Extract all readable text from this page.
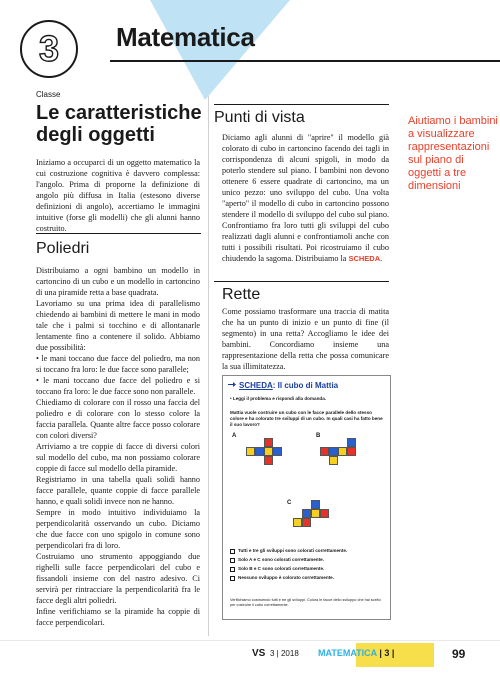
3
Classe
Matematica
Le caratteristiche
degli oggetti
Iniziamo a occuparci di un oggetto matematico la cui costruzione cognitiva è davvero complessa: l'angolo. Prima di proporne la definizione di angolo più diffusa in Italia (estesono diverse definizioni di angolo), accertiamo le immagini intuitive (forse gli modelli) che gli alunni hanno costruito.
Poliedri

Distribuiamo a ogni bambino un modello in cartoncino di un cubo e un modello in cartoncino di una piramide retta a base quadrata.

Lavoriamo su una prima idea di parallelismo chiedendo ai bambini di mettere le mani in modo tale che i palmi si tocchino e di allontanarle lentamente fino a contenere il solido. Abbiamo due possibilità:

• le mani toccano due facce del poliedro, ma non si toccano fra loro: le due facce sono parallele;

• le mani toccano due facce del poliedro e si toccano fra loro: le due facce sono non parallele.

Chiediamo di colorare con il rosso una faccia del poliedro e di colorare con lo stesso colore la faccia parallela. Quante altre facce posso colorare con colori diversi?

Arriviamo a tre coppie di facce di diversi colori sul modello del cubo, ma non possiamo colorare coppie di facce sul modello della piramide.

Registriamo in una tabella quali solidi hanno facce parallele, quante coppie di facce parallele hanno, e quali solidi invece non ne hanno.

Sempre in modo intuitivo individuiamo la perpendicolarità osservando un cubo. Diciamo che due facce con uno spigolo in comune sono perpendicolari fra di loro.

Costruiamo uno strumento appoggiando due righelli sulle facce perpendicolari del cubo e fissandoli insieme con del nastro adesivo. Ci servirà per rintracciare la perpendicolarità fra le facce degli altri poliedri.

Infine verifichiamo se la piramide ha coppie di facce perpendicolari.

Punti di vista
Diciamo agli alunni di "aprire" il modello già colorato di cubo in cartoncino facendo dei tagli in corrispondenza di alcuni spigoli, in modo da poterlo stendere sul piano. I bambini non devono ottenere 6 essere quadrate di cartoncino, ma un unico pezzo: uno sviluppo del cubo. Una volta "aperto" il modello di cubo in cartoncino possono stendere il modello di sviluppo del cubo sul piano. Confrontiamo fra loro tutti gli sviluppi del cubo realizzati dagli alunni e confrontiamoli anche con tutti i possibili risultati. Poi ricostruiamo il cubo chiudendo la sagoma. Distribuiamo la SCHEDA.
Rette
Come possiamo trasformare una traccia di matita che ha un punto di inizio e un punto di fine (il segmento) in una retta? Accogliamo le idee dei bambini. Concordiamo insieme una rappresentazione della retta che possa comunicare la sua illimitatezza.
Aiutiamo i bambini a visualizzare rappresentazioni sul piano di oggetti a tre dimensioni
SCHEDA: Il cubo di Mattia
• Leggi il problema e rispondi alla domanda.
Mattia vuole costruire un cubo con le facce parallele dello stesso colore e ha colorato tre sviluppi di un cubo. In quali casi ha fatto bene il suo lavoro?
A	B
C
Tutti e tre gli sviluppi sono colorati correttamente.
Solo A e C sono colorati correttamente.
Solo B e C sono colorati correttamente.
Nessuno sviluppo è colorato correttamente.
Verifichiamo costruendo tutti e tre gli sviluppi. Colora le facce dello sviluppo che hai scelto per costruire il cubo correttamente.
VS 3 | 2018 MATEMATICA | 3 |	99
